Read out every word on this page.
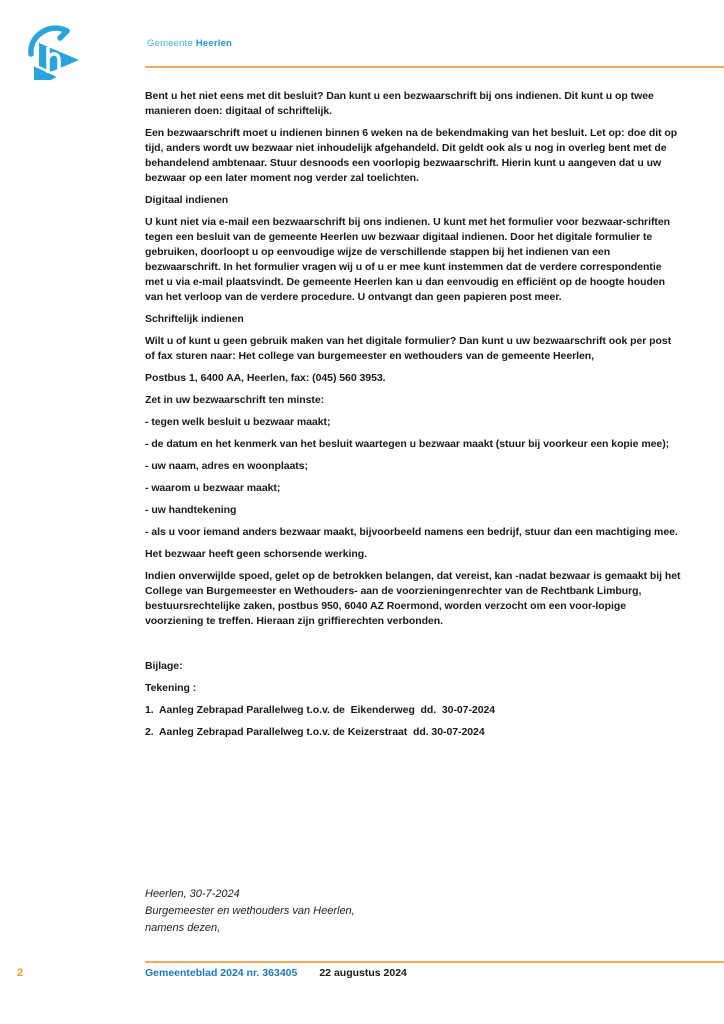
Gemeente Heerlen

Bent u het niet eens met dit besluit? Dan kunt u een bezwaarschrift bij ons indienen. Dit kunt u op twee manieren doen: digitaal of schriftelijk.

Een bezwaarschrift moet u indienen binnen 6 weken na de bekendmaking van het besluit. Let op: doe dit op tijd, anders wordt uw bezwaar niet inhoudelijk afgehandeld. Dit geldt ook als u nog in overleg bent met de behandelend ambtenaar. Stuur desnoods een voorlopig bezwaarschrift. Hierin kunt u aangeven dat u uw bezwaar op een later moment nog verder zal toelichten.

Digitaal indienen

U kunt niet via e-mail een bezwaarschrift bij ons indienen. U kunt met het formulier voor bezwaar-schriften tegen een besluit van de gemeente Heerlen uw bezwaar digitaal indienen. Door het digitale formulier te gebruiken, doorloopt u op eenvoudige wijze de verschillende stappen bij het indienen van een bezwaarschrift. In het formulier vragen wij u of u er mee kunt instemmen dat de verdere correspondentie met u via e-mail plaatsvindt. De gemeente Heerlen kan u dan eenvoudig en efficiënt op de hoogte houden van het verloop van de verdere procedure. U ontvangt dan geen papieren post meer.

Schriftelijk indienen

Wilt u of kunt u geen gebruik maken van het digitale formulier? Dan kunt u uw bezwaarschrift ook per post of fax sturen naar: Het college van burgemeester en wethouders van de gemeente Heerlen,

Postbus 1, 6400 AA, Heerlen, fax: (045) 560 3953.

Zet in uw bezwaarschrift ten minste:

- tegen welk besluit u bezwaar maakt;

- de datum en het kenmerk van het besluit waartegen u bezwaar maakt (stuur bij voorkeur een kopie mee);

- uw naam, adres en woonplaats;

- waarom u bezwaar maakt;

- uw handtekening

- als u voor iemand anders bezwaar maakt, bijvoorbeeld namens een bedrijf, stuur dan een machtiging mee.

Het bezwaar heeft geen schorsende werking.

Indien onverwijlde spoed, gelet op de betrokken belangen, dat vereist, kan -nadat bezwaar is gemaakt bij het College van Burgemeester en Wethouders- aan de voorzieningenrechter van de Rechtbank Limburg, bestuursrechtelijke zaken, postbus 950, 6040 AZ Roermond, worden verzocht om een voor-lopige voorziening te treffen. Hieraan zijn griffierechten verbonden.

Bijlage:

Tekening :

1.  Aanleg Zebrapad Parallelweg t.o.v. de  Eikenderweg  dd.  30-07-2024

2.  Aanleg Zebrapad Parallelweg t.o.v. de Keizerstraat  dd. 30-07-2024

Heerlen, 30-7-2024
Burgemeester en wethouders van Heerlen,
namens dezen,
2	Gemeenteblad 2024 nr. 363405 22 augustus 2024
